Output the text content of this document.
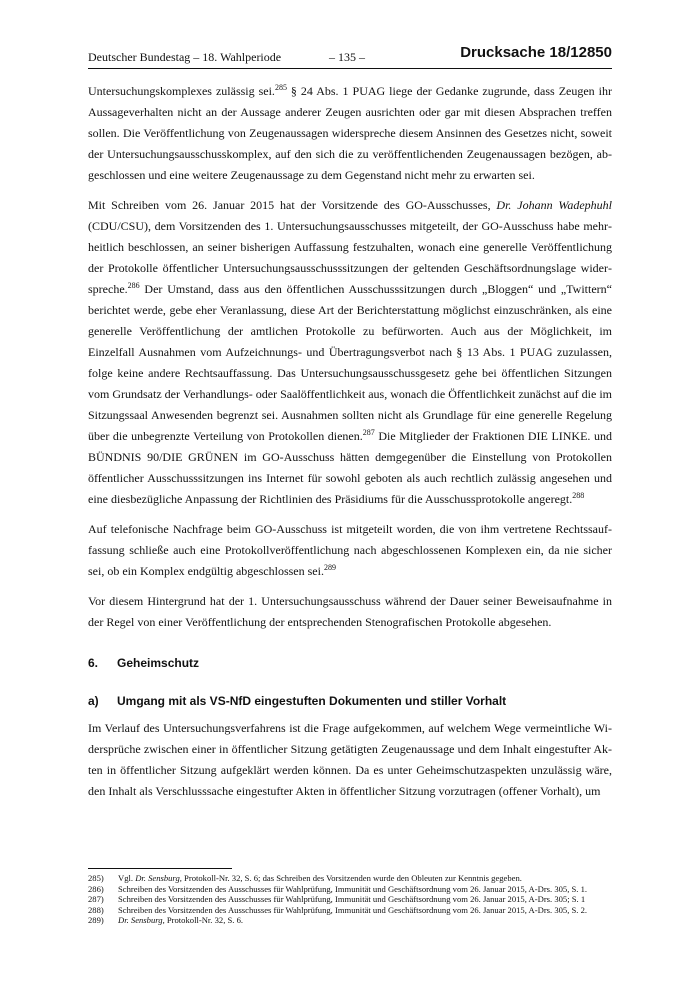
Deutscher Bundestag – 18. Wahlperiode	– 135 –	Drucksache 18/12850

Untersuchungskomplexes zulässig sei.$^{285}$ § 24 Abs. 1 PUAG liege der Gedanke zugrunde, dass Zeugen ihr Aussageverhalten nicht an der Aussage anderer Zeugen ausrichten oder gar mit diesen Absprachen treffen sollen. Die Veröffentlichung von Zeugenaussagen widerspreche diesem Ansinnen des Gesetzes nicht, soweit der Untersuchungsausschusskomplex, auf den sich die zu veröffentlichenden Zeugenaussagen bezögen, abgeschlossen und eine weitere Zeugenaussage zu dem Gegenstand nicht mehr zu erwarten sei.

Mit Schreiben vom 26. Januar 2015 hat der Vorsitzende des GO-Ausschusses, Dr. Johann Wadephuhl (CDU/CSU), dem Vorsitzenden des 1. Untersuchungsausschusses mitgeteilt, der GO-Ausschuss habe mehrheitlich beschlossen, an seiner bisherigen Auffassung festzuhalten, wonach eine generelle Veröffentlichung der Protokolle öffentlicher Untersuchungsausschusssitzungen der geltenden Geschäftsordnungslage widerspreche.$^{286}$ Der Umstand, dass aus den öffentlichen Ausschusssitzungen durch „Bloggen“ und „Twittern“ berichtet werde, gebe eher Veranlassung, diese Art der Berichterstattung möglichst einzuschränken, als eine generelle Veröffentlichung der amtlichen Protokolle zu befürworten. Auch aus der Möglichkeit, im Einzelfall Ausnahmen vom Aufzeichnungs- und Übertragungsverbot nach § 13 Abs. 1 PUAG zuzulassen, folge keine andere Rechtsauffassung. Das Untersuchungsausschussgesetz gehe bei öffentlichen Sitzungen vom Grundsatz der Verhandlungs- oder Saalöffentlichkeit aus, wonach die Öffentlichkeit zunächst auf die im Sitzungssaal Anwesenden begrenzt sei. Ausnahmen sollten nicht als Grundlage für eine generelle Regelung über die unbegrenzte Verteilung von Protokollen dienen.$^{287}$ Die Mitglieder der Fraktionen DIE LINKE. und BÜNDNIS 90/DIE GRÜNEN im GO-Ausschuss hätten demgegenüber die Einstellung von Protokollen öffentlicher Ausschusssitzungen ins Internet für sowohl geboten als auch rechtlich zulässig angesehen und eine diesbezügliche Anpassung der Richtlinien des Präsidiums für die Ausschussprotokolle angeregt.$^{288}$

Auf telefonische Nachfrage beim GO-Ausschuss ist mitgeteilt worden, die von ihm vertretene Rechtssauffassung schließe auch eine Protokollveröffentlichung nach abgeschlossenen Komplexen ein, da nie sicher sei, ob ein Komplex endgültig abgeschlossen sei.$^{289}$

Vor diesem Hintergrund hat der 1. Untersuchungsausschuss während der Dauer seiner Beweisaufnahme in der Regel von einer Veröffentlichung der entsprechenden Stenografischen Protokolle abgesehen.

6. Geheimschutz
a) Umgang mit als VS-NfD eingestuften Dokumenten und stiller Vorhalt

Im Verlauf des Untersuchungsverfahrens ist die Frage aufgekommen, auf welchem Wege vermeintliche Widersprüche zwischen einer in öffentlicher Sitzung getätigten Zeugenaussage und dem Inhalt eingestufter Akten in öffentlicher Sitzung aufgeklärt werden können. Da es unter Geheimschutzaspekten unzulässig wäre, den Inhalt als Verschlusssache eingestufter Akten in öffentlicher Sitzung vorzutragen (offener Vorhalt), um

285)	Vgl. Dr. Sensburg, Protokoll-Nr. 32, S. 6; das Schreiben des Vorsitzenden wurde den Obleuten zur Kenntnis gegeben.
286)	Schreiben des Vorsitzenden des Ausschusses für Wahlprüfung, Immunität und Geschäftsordnung vom 26. Januar 2015, A-Drs. 305, S. 1.
287)	Schreiben des Vorsitzenden des Ausschusses für Wahlprüfung, Immunität und Geschäftsordnung vom 26. Januar 2015, A-Drs. 305; S. 1
288)	Schreiben des Vorsitzenden des Ausschusses für Wahlprüfung, Immunität und Geschäftsordnung vom 26. Januar 2015, A-Drs. 305, S. 2.
289)	Dr. Sensburg, Protokoll-Nr. 32, S. 6.
